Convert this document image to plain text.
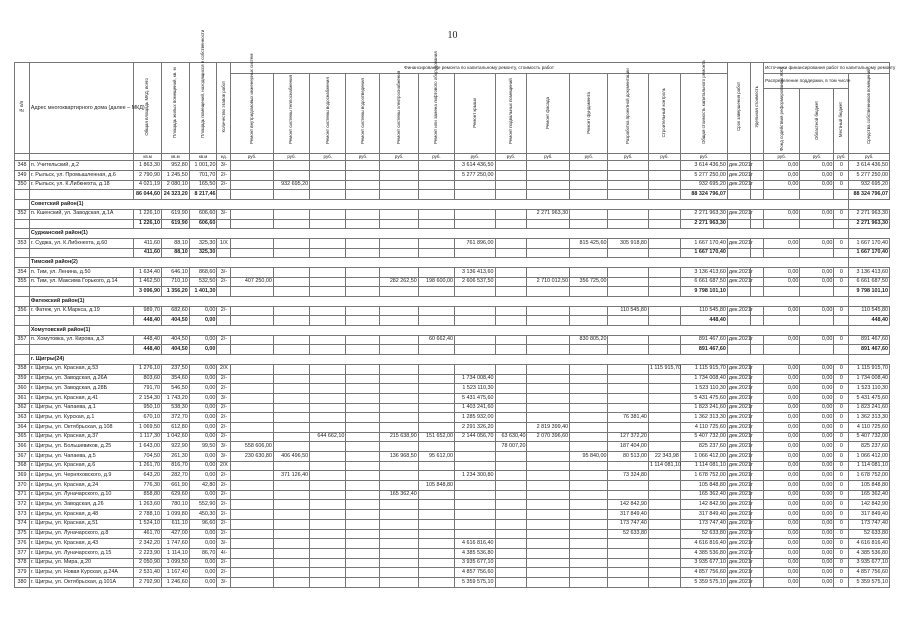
10
№ п/п	Адрес многоквартирного дома (далее – МКД)	Общая площадь МКД, всего	Площадь жилых помещений, кв. м	Площадь помещений, находящихся в собственности	Количество этапов работ	Финансирование ремонта по капитальному ремонту, стоимость работ													Срок завершения работ	Удельная стоимость	Источники финансирования работ по капитальному ремонту			
						Ремонт внутридомовых инженерных систем	Ремонт системы теплоснабжения	Ремонт системы водоснабжения	Ремонт системы водоотведения	Ремонт системы электроснабжения	Ремонт или замена лифтового оборудования	Ремонт крыши	Ремонт подвальных помещений	Ремонт фасада	Ремонт фундамента	Разработка проектной документации	Строительный контроль	Общая стоимость капитального ремонта			Распределение поддержки, в том числе			Средства собственников помещений
																					Фонд содействия реформированию ЖКХ	Областной бюджет	Местный бюджет	
		кв.м	кв.м	кв.м	ед.	руб.	руб.	руб.	руб.	руб.	руб.	руб.	руб.	руб.	руб.	руб.	руб.	руб.			руб.	руб.	руб.	руб.
348	п. Учительский, д.2	1 863,30	952,80	1 001,20	3/-							3 614 436,50						3 614 436,50	дек.2021г		0,00	0,00	0	3 614 436,50
349	г. Рыльск, ул. Промышленная, д.6	2 790,90	1 245,50	701,70	2/-							5 277 250,00						5 277 250,00	дек.2021г		0,00	0,00	0	5 277 250,00
350	г. Рыльск, ул. К.Либкнехта, д.18	4 021,19	2 080,10	165,50	2/-		932 695,20											932 695,20	дек.2021г		0,00	0,00	0	932 695,20
		86 044,60	24 323,20	8 217,46														88 324 796,07						88 324 796,07
	Советский район(1)																							
352	п. Кшенский, ул. Заводская, д.1А	1 226,10	619,90	606,60	3/-									2 271 963,30				2 271 963,30	дек.2021г		0,00	0,00	0	2 271 963,30
		1 226,10	619,90	606,60														2 271 963,30						2 271 963,30
	Суджанский район(1)																							
353	г. Суджа, ул. К.Либкнехта, д.60	411,60	88,10	325,30	1/Х							761 896,00			815 425,60	305 918,80		1 667 170,40	дек.2021г		0,00	0,00	0	1 667 170,40
		411,60	88,10	325,30														1 667 170,40						1 667 170,40
	Тимский район(2)																							
354	п. Тим, ул. Ленина, д.50	1 634,40	646,10	868,60	3/-							3 136 413,60						3 136 413,60	дек.2021г		0,00	0,00	0	3 136 413,60
355	п. Тим, ул. Максима Горького, д.14	1 462,50	710,10	532,50	2/-	407 250,00				282 262,50	198 600,00	2 606 537,50		2 710 012,50	356 725,00			6 661 687,50	дек.2021г		0,00	0,00	0	6 661 687,50
		3 096,90	1 356,20	1 401,30														9 798 101,10						9 798 101,10
	Фатежский район(1)																							
356	г. Фатеж, ул. К.Маркса, д.19	989,70	682,60	0,00	2/-											110 545,80		110 545,80	дек.2021г		0,00	0,00	0	110 545,80
		448,40	404,50	0,00														448,40						448,40
	Хомутовский район(1)																							
357	п. Хомутовка, ул. Кирова, д.3	448,40	404,50	0,00	2/-						60 662,40				830 805,20			891 467,60	дек.2021г		0,00	0,00	0	891 467,60
		448,40	404,50	0,00														891 467,60						891 467,60
	г. Щигры(24)																							
358	г. Щигры, ул. Красная, д.53	1 276,10	237,50	0,00	2/Х												1 115 915,70	1 115 915,70	дек.2021г		0,00	0,00	0	1 115 915,70
359	г. Щигры, ул. Заводская, д.26А	803,60	354,60	0,00	2/-							1 734 008,40						1 734 008,40	дек.2021г		0,00	0,00	0	1 734 008,40
360	г. Щигры, ул. Заводская, д.28Б	791,70	546,50	0,00	2/-							1 523 110,30						1 523 110,30	дек.2021г		0,00	0,00	0	1 523 110,30
361	г. Щигры, ул. Красная, д.41	2 154,30	1 743,20	0,00	3/-							5 431 475,60						5 431 475,60	дек.2021г		0,00	0,00	0	5 431 475,60
362	г. Щигры, ул. Чапаева, д.1	950,10	538,30	0,00	2/-							1 403 241,60						1 823 241,60	дек.2021г		0,00	0,00	0	1 823 241,60
363	г. Щигры, ул. Курская, д.1	670,10	372,70	0,00	2/-							1 285 932,00				76 381,40		1 362 313,30	дек.2021г		0,00	0,00	0	1 362 313,30
364	г. Щигры, ул. Октябрьская, д.108	1 069,50	612,80	0,00	2/-							2 291 326,20		2 819 399,40				4 110 725,60	дек.2021г		0,00	0,00	0	4 110 725,60
365	г. Щигры, ул. Красная, д.37	1 117,30	1 042,60	0,00	2/-			644 662,10		215 638,90	151 652,00	2 144 056,70	63 630,40	2 070 396,60		127 372,20		5 407 732,00	дек.2021г		0,00	0,00	0	5 407 732,00
366	г. Щигры, ул. Большевиков, д.25	1 643,00	922,90	99,50	3/-	558 606,00							78 007,20			187 404,00		825 237,60	дек.2021г		0,00	0,00	0	825 237,60
367	г. Щигры, ул. Чапаева, д.5	704,50	261,30	0,00	3/-	230 630,80	406 496,50			136 968,50	95 612,00				95 840,00	80 513,00	22 343,98	1 066 412,00	дек.2021г		0,00	0,00	0	1 066 412,00
368	г. Щигры, ул. Красная, д.6	1 261,70	816,70	0,00	2/Х												1 114 081,10	1 114 081,10	дек.2021г		0,00	0,00	0	1 114 081,10
369	г. Щигры, ул. Черняховского, д.9	643,20	282,70	0,00	2/-		371 126,40					1 234 300,80				73 324,80		1 678 752,00	дек.2021г		0,00	0,00	0	1 678 752,00
370	г. Щигры, ул. Красная, д.24	776,30	661,90	42,80	2/-						105 848,80							105 848,80	дек.2021г		0,00	0,00	0	105 848,80
371	г. Щигры, ул. Луначарского, д.10	858,80	629,60	0,00	2/-					165 362,40								165 362,40	дек.2021г		0,00	0,00	0	165 362,40
372	г. Щигры, ул. Заводская, д.26	1 263,60	780,10	552,90	2/-											142 842,90		142 842,90	дек.2021г		0,00	0,00	0	142 842,90
373	г. Щигры, ул. Красная, д.48	2 788,10	1 099,80	450,30	2/-											317 849,40		317 849,40	дек.2021г		0,00	0,00	0	317 849,40
374	г. Щигры, ул. Красная, д.51	1 524,10	611,10	96,60	2/-											173 747,40		173 747,40	дек.2021г		0,00	0,00	0	173 747,40
375	г. Щигры, ул. Луначарского, д.8	461,70	427,00	0,00	2/-											52 633,80		52 633,80	дек.2021г		0,00	0,00	0	52 633,80
376	г. Щигры, ул. Красная, д.43	2 342,20	1 747,60	0,00	3/-							4 616 816,40						4 616 816,40	дек.2021г		0,00	0,00	0	4 616 816,40
377	г. Щигры, ул. Луначарского, д.15	2 223,90	1 114,10	86,70	4/-							4 385 536,80						4 385 536,80	дек.2021г		0,00	0,00	0	4 385 536,80
378	г. Щигры, ул. Мира, д.20	2 050,90	1 099,50	0,00	2/-							3 935 677,10						3 935 677,10	дек.2021г		0,00	0,00	0	3 935 677,10
379	г. Щигры, ул. Новая Курская, д.24А	2 531,40	1 167,40	0,00	2/-							4 857 756,60						4 857 756,60	дек.2021г		0,00	0,00	0	4 857 756,60
380	г. Щигры, ул. Октябрьская, д.101А	2 792,90	1 246,60	0,00	3/-							5 359 575,10						5 359 575,10	дек.2021г		0,00	0,00	0	5 359 575,10
